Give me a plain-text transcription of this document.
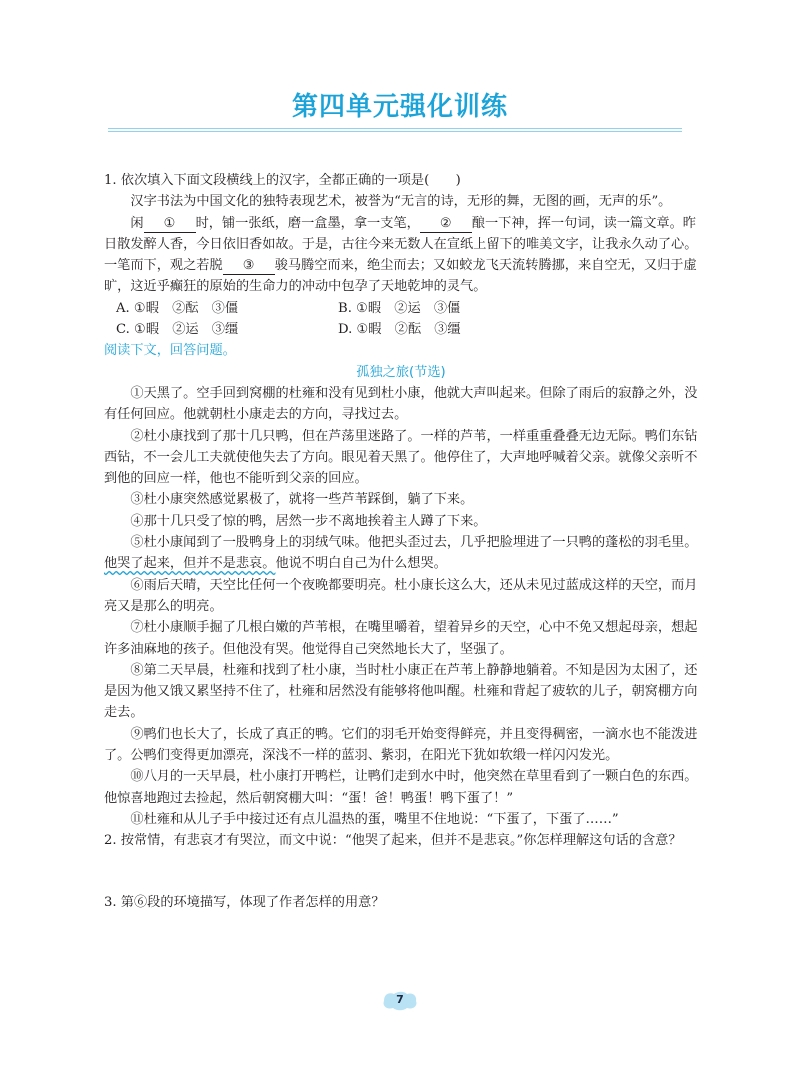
第四单元强化训练

1. 依次填入下面文段横线上的汉字，全都正确的一项是(　　)

汉字书法为中国文化的独特表现艺术，被誉为“无言的诗，无形的舞，无图的画，无声的乐”。

闲 ① 时，铺一张纸，磨一盒墨，拿一支笔， ② 酿一下神，挥一句词，读一篇文章。昨日散发醉人香，今日依旧香如故。于是，古往今来无数人在宣纸上留下的唯美文字，让我永久动了心。一笔而下，观之若脱 ③ 骏马腾空而来，绝尘而去；又如蛟龙飞天流转腾挪，来自空无，又归于虚旷，这近乎癫狂的原始的生命力的冲动中包孕了天地乾坤的灵气。

A. ①暇　②酝　③僵	B. ①暇　②运　③僵
C. ①暇　②运　③缰	D. ①暇　②酝　③缰

阅读下文，回答问题。

孤独之旅(节选)

①天黑了。空手回到窝棚的杜雍和没有见到杜小康，他就大声叫起来。但除了雨后的寂静之外，没有任何回应。他就朝杜小康走去的方向，寻找过去。

②杜小康找到了那十几只鸭，但在芦荡里迷路了。一样的芦苇，一样重重叠叠无边无际。鸭们东钻西钻，不一会儿工夫就使他失去了方向。眼见着天黑了。他停住了，大声地呼喊着父亲。就像父亲听不到他的回应一样，他也不能听到父亲的回应。

③杜小康突然感觉累极了，就将一些芦苇踩倒，躺了下来。

④那十几只受了惊的鸭，居然一步不离地挨着主人蹲了下来。

⑤杜小康闻到了一股鸭身上的羽绒气味。他把头歪过去，几乎把脸埋进了一只鸭的蓬松的羽毛里。他哭了起来，但并不是悲哀。他说不明白自己为什么想哭。

⑥雨后天晴，天空比任何一个夜晚都要明亮。杜小康长这么大，还从未见过蓝成这样的天空，而月亮又是那么的明亮。

⑦杜小康顺手掘了几根白嫩的芦苇根，在嘴里嚼着，望着异乡的天空，心中不免又想起母亲，想起许多油麻地的孩子。但他没有哭。他觉得自己突然地长大了，坚强了。

⑧第二天早晨，杜雍和找到了杜小康，当时杜小康正在芦苇上静静地躺着。不知是因为太困了，还是因为他又饿又累坚持不住了，杜雍和居然没有能够将他叫醒。杜雍和背起了疲软的儿子，朝窝棚方向走去。

⑨鸭们也长大了，长成了真正的鸭。它们的羽毛开始变得鲜亮，并且变得稠密，一滴水也不能泼进了。公鸭们变得更加漂亮，深浅不一样的蓝羽、紫羽，在阳光下犹如软缎一样闪闪发光。

⑩八月的一天早晨，杜小康打开鸭栏，让鸭们走到水中时，他突然在草里看到了一颗白色的东西。他惊喜地跑过去捡起，然后朝窝棚大叫：“蛋！爸！鸭蛋！鸭下蛋了！”

⑪杜雍和从儿子手中接过还有点儿温热的蛋，嘴里不住地说：“下蛋了，下蛋了……”

2. 按常情，有悲哀才有哭泣，而文中说：“他哭了起来，但并不是悲哀。”你怎样理解这句话的含意？

3. 第⑥段的环境描写，体现了作者怎样的用意？

7
